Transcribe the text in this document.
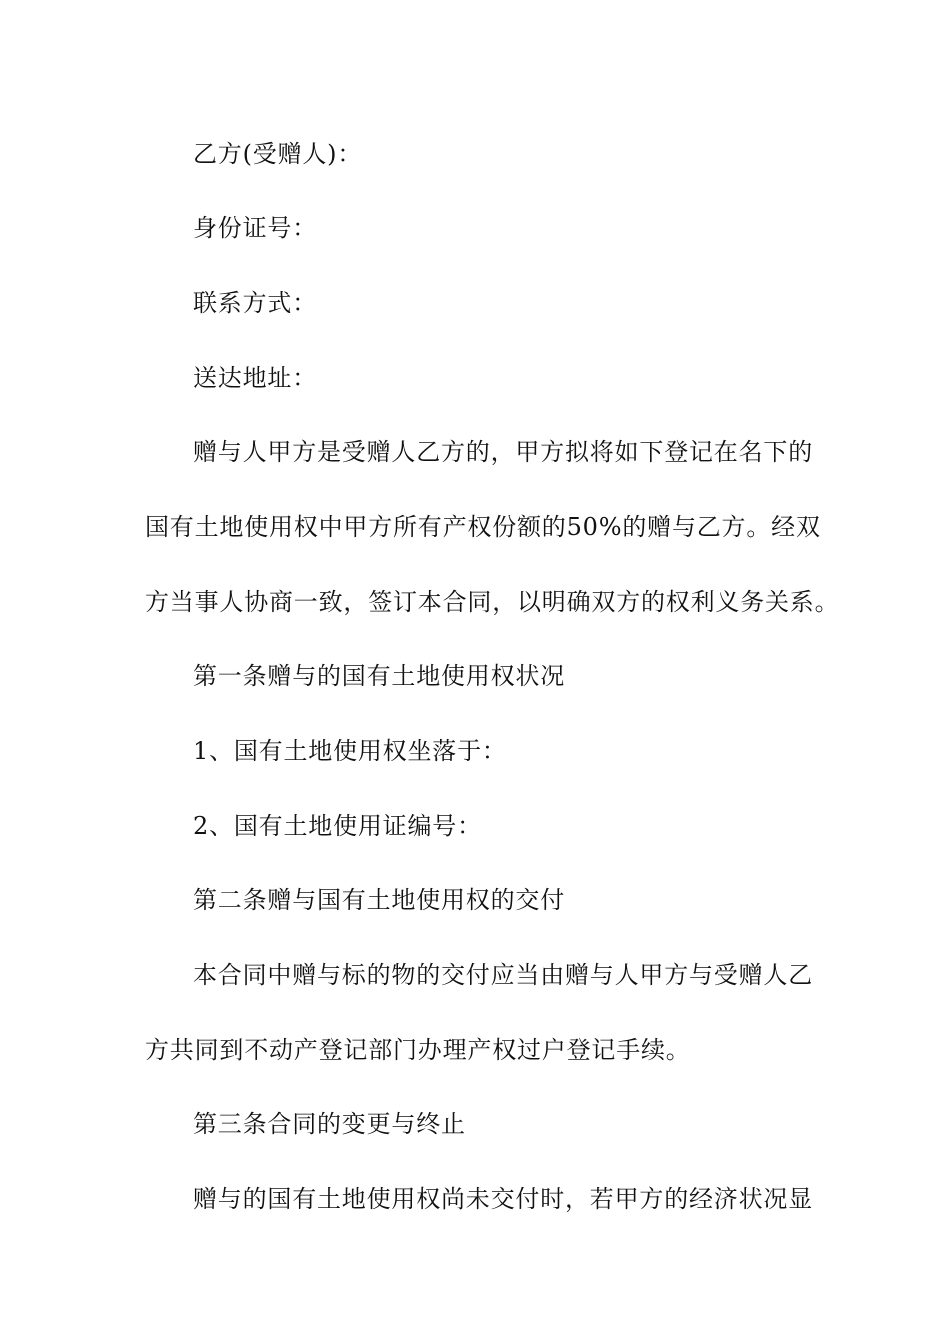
乙方(受赠人)：
身份证号：
联系方式：
送达地址：
赠与人甲方是受赠人乙方的，甲方拟将如下登记在名下的
国有土地使用权中甲方所有产权份额的50%的赠与乙方。经双
方当事人协商一致，签订本合同，以明确双方的权利义务关系。
第一条赠与的国有土地使用权状况
1、国有土地使用权坐落于：
2、国有土地使用证编号：
第二条赠与国有土地使用权的交付
本合同中赠与标的物的交付应当由赠与人甲方与受赠人乙
方共同到不动产登记部门办理产权过户登记手续。
第三条合同的变更与终止
赠与的国有土地使用权尚未交付时，若甲方的经济状况显
